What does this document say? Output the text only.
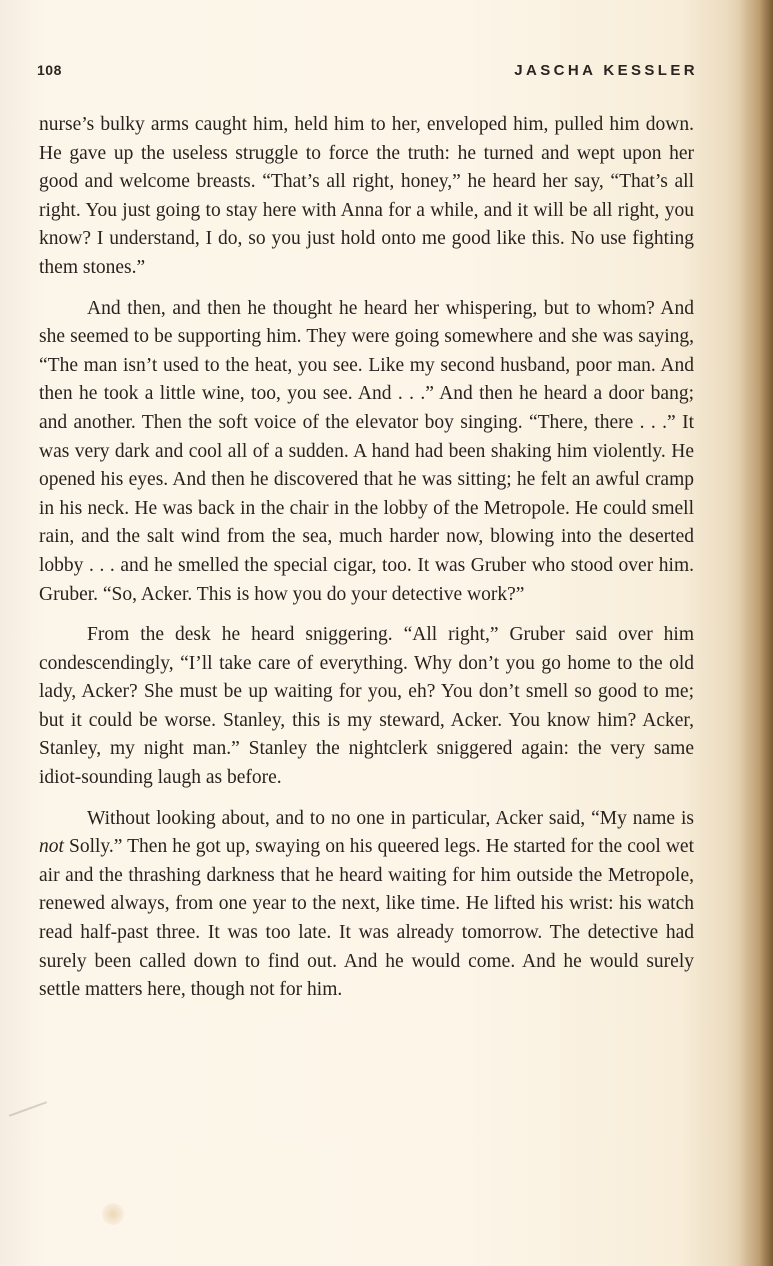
108	JASCHA KESSLER

nurse’s bulky arms caught him, held him to her, enveloped him, pulled him down. He gave up the useless struggle to force the truth: he turned and wept upon her good and welcome breasts. “That’s all right, honey,” he heard her say, “That’s all right. You just going to stay here with Anna for a while, and it will be all right, you know? I understand, I do, so you just hold onto me good like this. No use fighting them stones.”

And then, and then he thought he heard her whispering, but to whom? And she seemed to be supporting him. They were going somewhere and she was saying, “The man isn’t used to the heat, you see. Like my second husband, poor man. And then he took a little wine, too, you see. And . . .” And then he heard a door bang; and another. Then the soft voice of the elevator boy singing. “There, there . . .” It was very dark and cool all of a sudden. A hand had been shaking him violently. He opened his eyes. And then he discovered that he was sitting; he felt an awful cramp in his neck. He was back in the chair in the lobby of the Metropole. He could smell rain, and the salt wind from the sea, much harder now, blowing into the deserted lobby . . . and he smelled the special cigar, too. It was Gruber who stood over him. Gruber. “So, Acker. This is how you do your detective work?”

From the desk he heard sniggering. “All right,” Gruber said over him condescendingly, “I’ll take care of everything. Why don’t you go home to the old lady, Acker? She must be up waiting for you, eh? You don’t smell so good to me; but it could be worse. Stanley, this is my steward, Acker. You know him? Acker, Stanley, my night man.” Stanley the nightclerk sniggered again: the very same idiot-sounding laugh as before.

Without looking about, and to no one in particular, Acker said, “My name is not Solly.” Then he got up, swaying on his queered legs. He started for the cool wet air and the thrashing darkness that he heard waiting for him outside the Metropole, renewed always, from one year to the next, like time. He lifted his wrist: his watch read half-past three. It was too late. It was already tomorrow. The detective had surely been called down to find out. And he would come. And he would surely settle matters here, though not for him.
